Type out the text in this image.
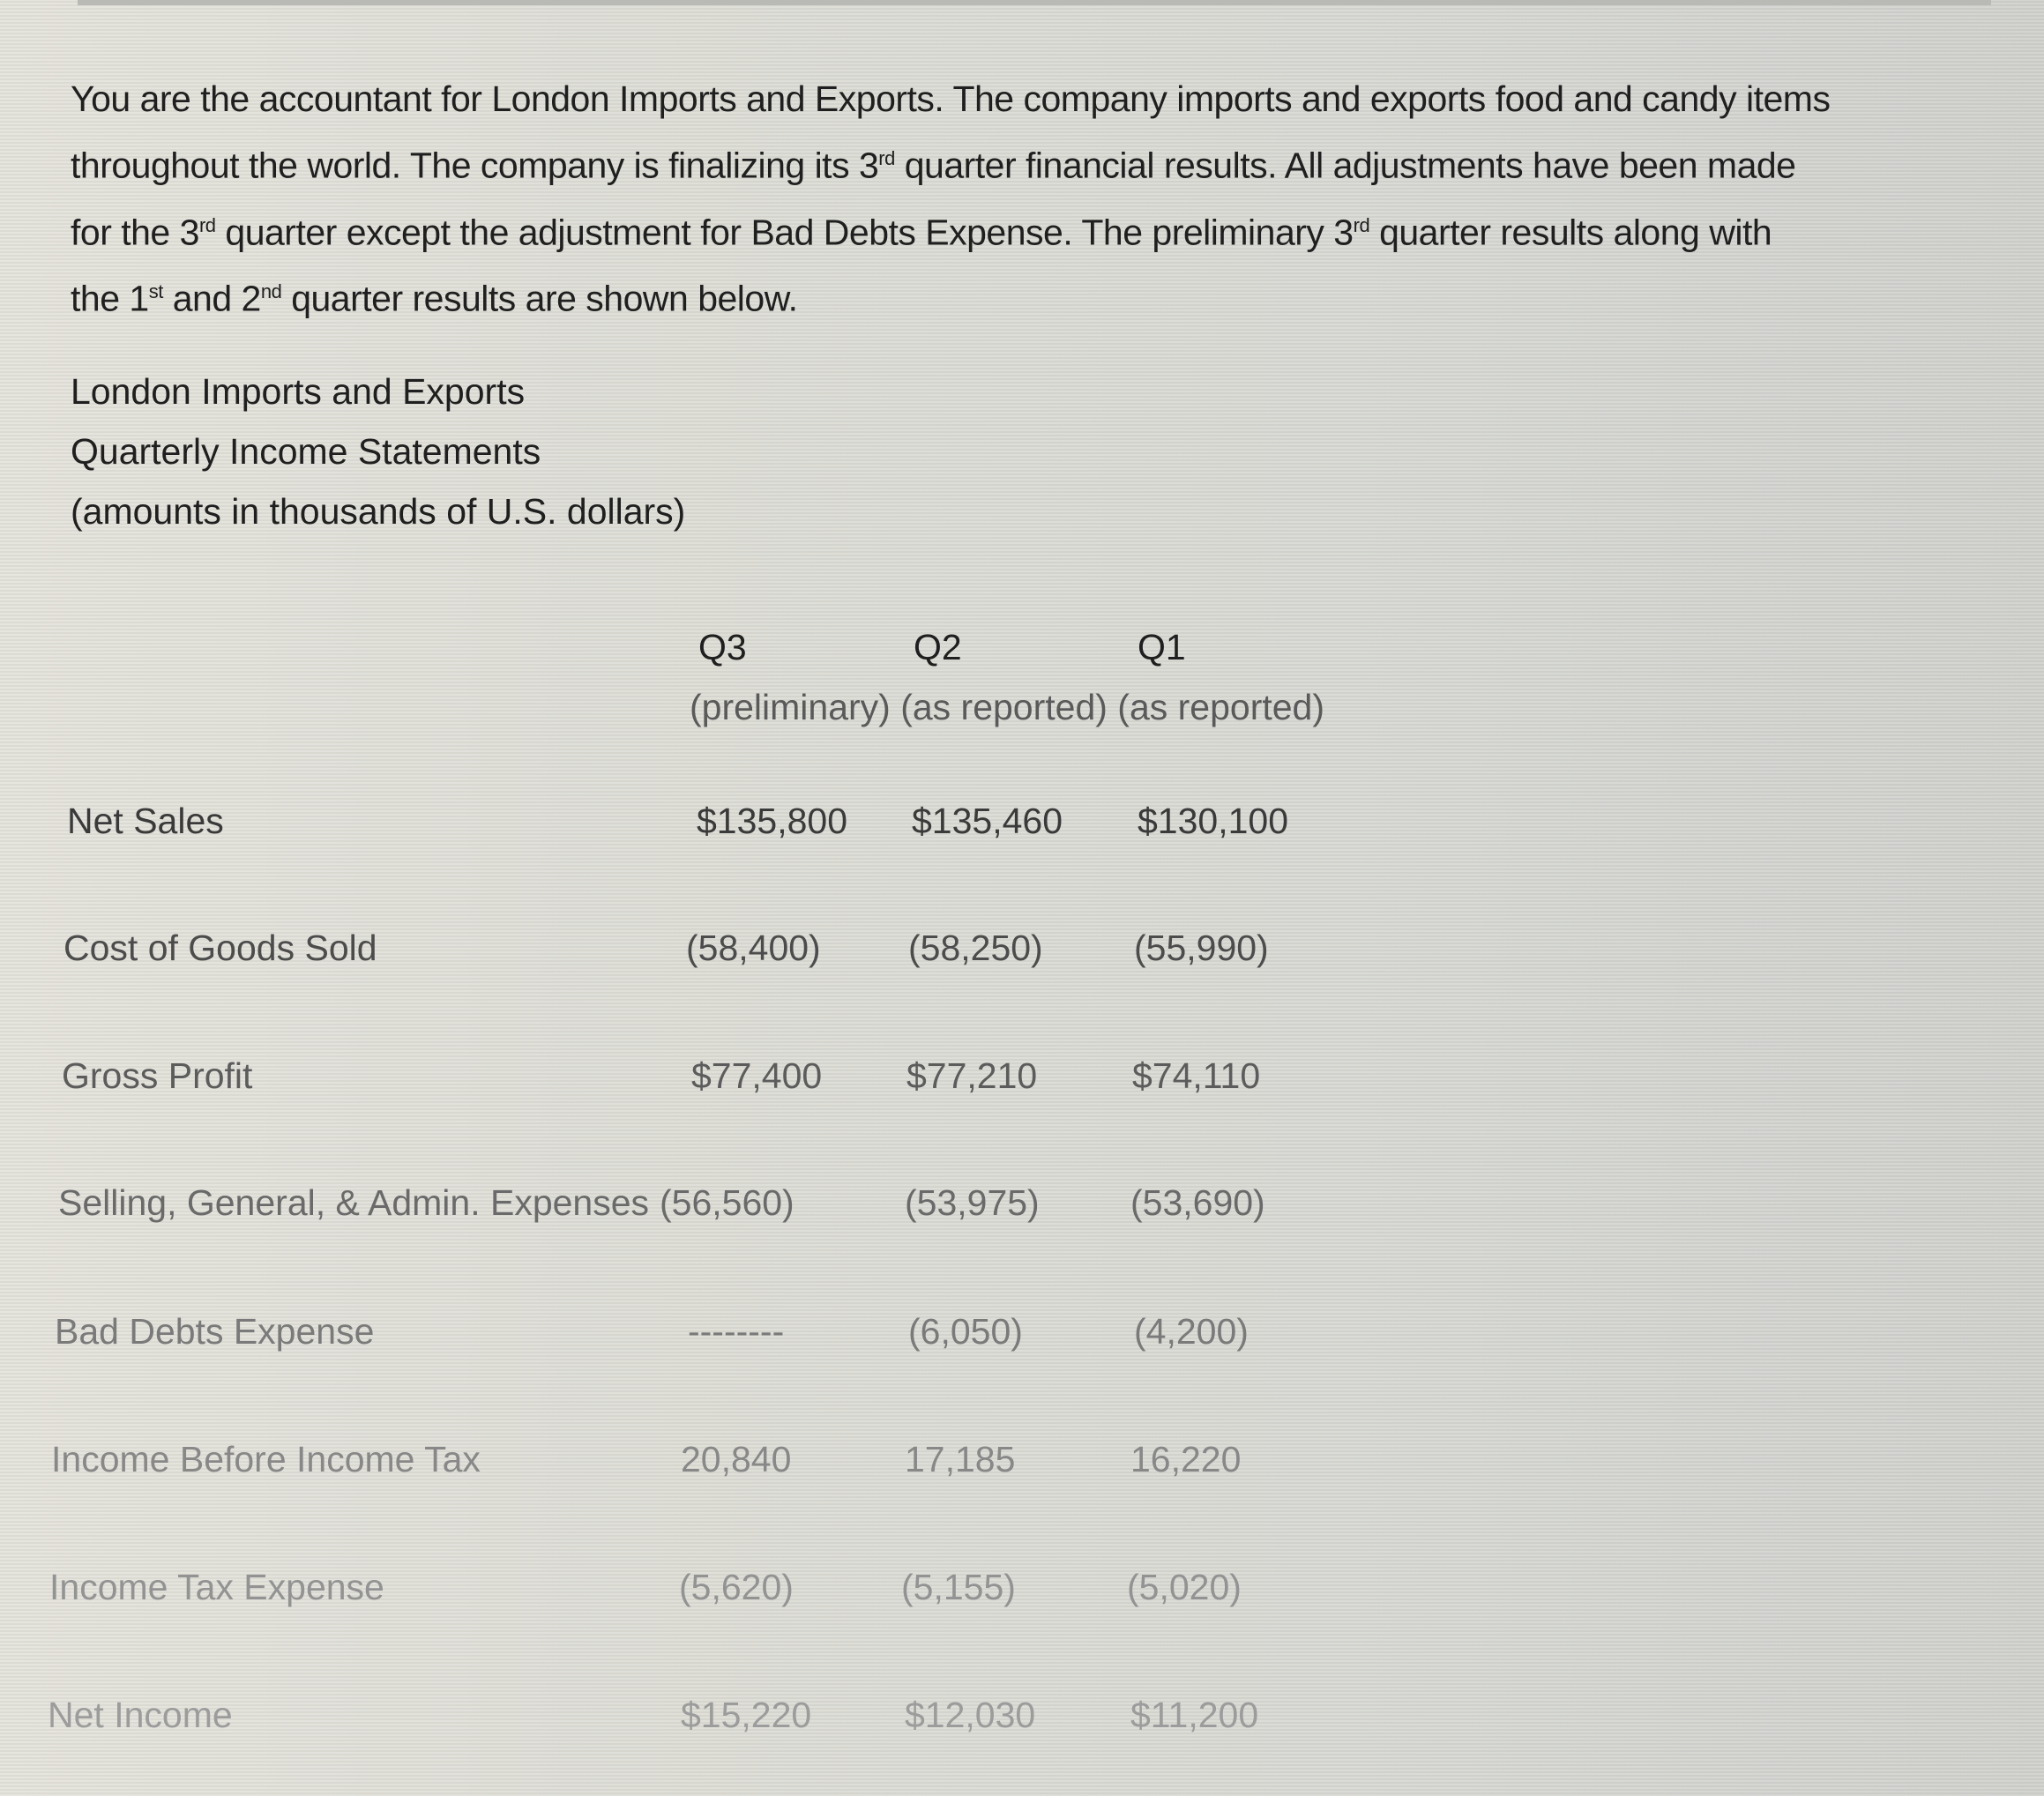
You are the accountant for London Imports and Exports. The company imports and exports food and candy items
throughout the world. The company is finalizing its 3rd quarter financial results. All adjustments have been made
for the 3rd quarter except the adjustment for Bad Debts Expense. The preliminary 3rd quarter results along with
the 1st and 2nd quarter results are shown below.
London Imports and Exports
Quarterly Income Statements
(amounts in thousands of U.S. dollars)
Q3	Q2	Q1
(preliminary) (as reported) (as reported)
Net Sales	$135,800 $135,460 $130,100
Cost of Goods Sold	(58,400) (58,250)	(55,990)
Gross Profit	$77,400 $77,210	$74,110
Selling, General, & Admin. Expenses (56,560)	(53,975)	(53,690)
Bad Debts Expense	--------	(6,050)	(4,200)
Income Before Income Tax	20,840	17,185	16,220
Income Tax Expense	(5,620)	(5,155)	(5,020)
Net Income	$15,220	$12,030	$11,200
